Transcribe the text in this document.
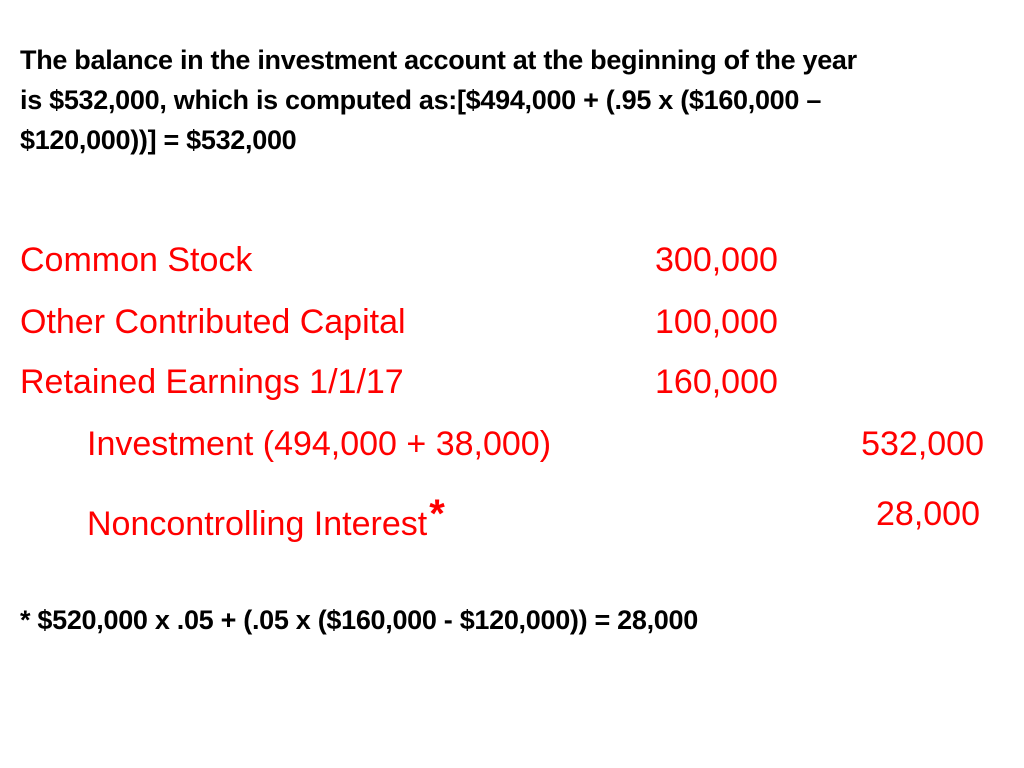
The balance in the investment account at the beginning of the year
is $532,000, which is computed as:[$494,000 + (.95 x ($160,000 –
$120,000))] = $532,000
Common Stock	300,000
Other Contributed Capital	100,000
Retained Earnings 1/1/17	160,000
Investment (494,000 + 38,000)	532,000
Noncontrolling Interest*	28,000
* $520,000 x .05 + (.05 x ($160,000 - $120,000)) = 28,000
